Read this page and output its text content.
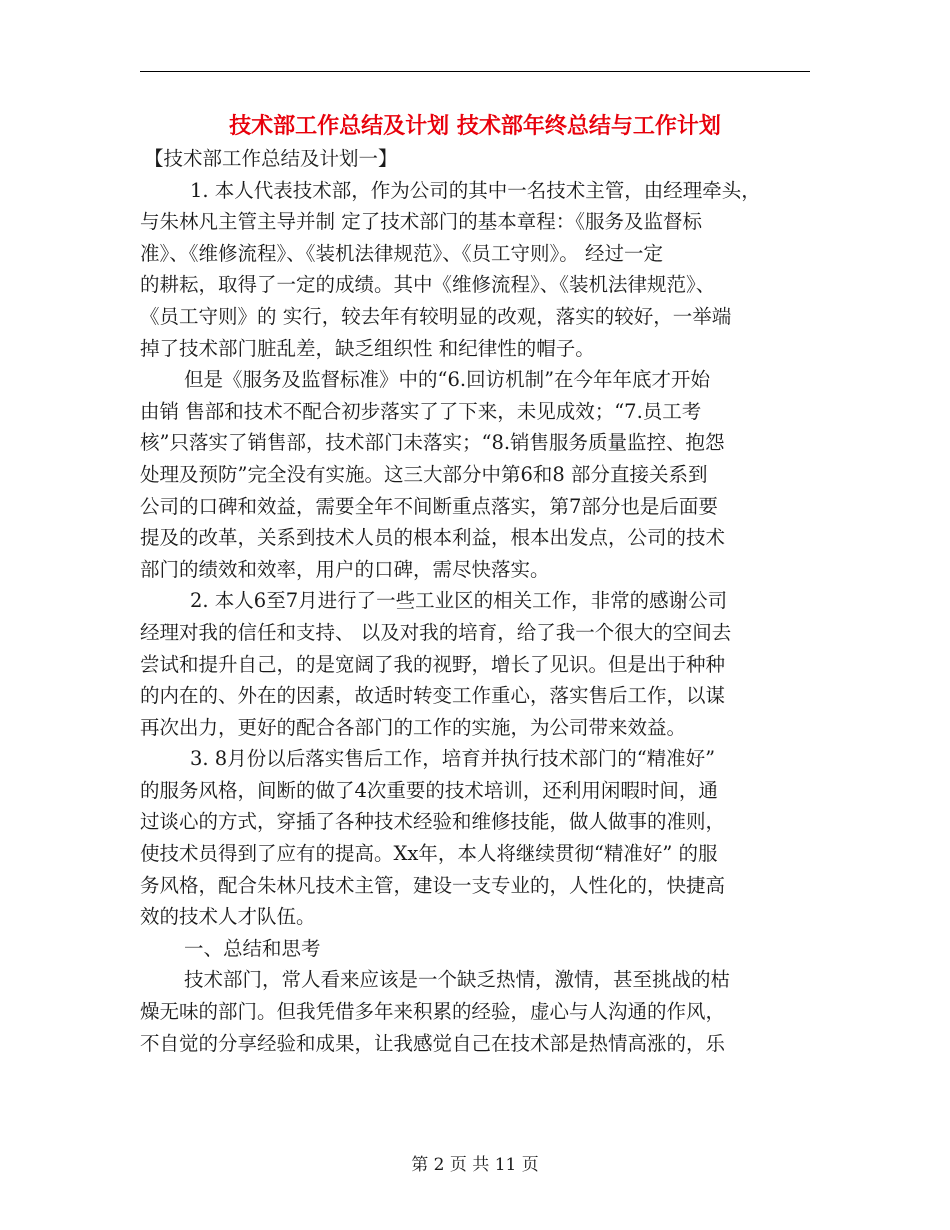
技术部工作总结及计划 技术部年终总结与工作计划

【技术部工作总结及计划一】

1. 本人代表技术部，作为公司的其中一名技术主管，由经理牵头，
与朱林凡主管主导并制 定了技术部门的基本章程：《服务及监督标
准》、《维修流程》、《装机法律规范》、《员工守则》。 经过一定
的耕耘，取得了一定的成绩。其中《维修流程》、《装机法律规范》、
《员工守则》的 实行，较去年有较明显的改观，落实的较好，一举端
掉了技术部门脏乱差，缺乏组织性 和纪律性的帽子。

但是《服务及监督标准》中的“6.回访机制”在今年年底才开始
由销 售部和技术不配合初步落实了了下来，未见成效；“7.员工考
核”只落实了销售部，技术部门未落实；“8.销售服务质量监控、抱怨
处理及预防”完全没有实施。这三大部分中第6和8 部分直接关系到
公司的口碑和效益，需要全年不间断重点落实，第7部分也是后面要
提及的改革，关系到技术人员的根本利益，根本出发点，公司的技术
部门的绩效和效率，用户的口碑，需尽快落实。

2. 本人6至7月进行了一些工业区的相关工作，非常的感谢公司
经理对我的信任和支持、 以及对我的培育，给了我一个很大的空间去
尝试和提升自己，的是宽阔了我的视野，增长了见识。但是出于种种
的内在的、外在的因素，故适时转变工作重心，落实售后工作，以谋
再次出力，更好的配合各部门的工作的实施，为公司带来效益。

3. 8月份以后落实售后工作，培育并执行技术部门的“精准好”
的服务风格，间断的做了4次重要的技术培训，还利用闲暇时间，通
过谈心的方式，穿插了各种技术经验和维修技能，做人做事的准则，
使技术员得到了应有的提高。Xx年，本人将继续贯彻“精准好” 的服
务风格，配合朱林凡技术主管，建设一支专业的，人性化的，快捷高
效的技术人才队伍。

一、总结和思考

技术部门，常人看来应该是一个缺乏热情，激情，甚至挑战的枯
燥无味的部门。但我凭借多年来积累的经验，虚心与人沟通的作风，
不自觉的分享经验和成果，让我感觉自己在技术部是热情高涨的，乐

第 2 页 共 11 页
